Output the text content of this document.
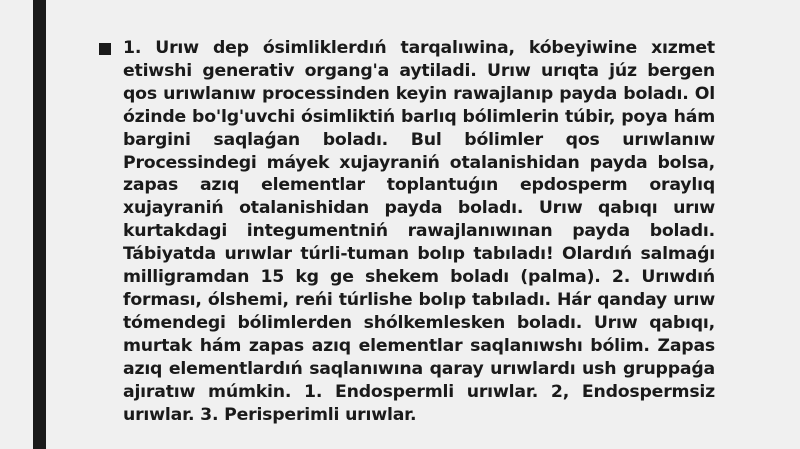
1. Urıw dep ósimliklerdıń tarqalıwina, kóbeyiwine xızmet etiwshi generativ organg'a aytiladi. Urıw urıqta júz bergen qos urıwlanıw processinden keyin rawajlanıp payda boladı. Ol ózinde bo'lg'uvchi ósimliktiń barlıq bólimlerin túbir, poya hám bargini saqlaǵan boladı. Bul bólimler qos urıwlanıw Processindegi máyek xujayraniń otalanishidan payda bolsa, zapas azıq elementlar toplantuǵın epdosperm oraylıq xujayraniń otalanishidan payda boladı. Urıw qabıqı urıw kurtakdagi integumentniń rawajlanıwınan payda boladı. Tábiyatda urıwlar túrli-tuman bolıp tabıladı! Olardıń salmaǵı milligramdan 15 kg ge shekem boladı (palma). 2. Urıwdıń forması, ólshemi, reńi túrlishe bolıp tabıladı. Hár qanday urıw tómendegi bólimlerden shólkemlesken boladı. Urıw qabıqı, murtak hám zapas azıq elementlar saqlanıwshı bólim. Zapas azıq elementlardıń saqlanıwına qaray urıwlardı ush gruppaǵa ajıratıw múmkin. 1. Endospermli urıwlar. 2, Endospermsiz urıwlar. 3. Perisperimli urıwlar.
